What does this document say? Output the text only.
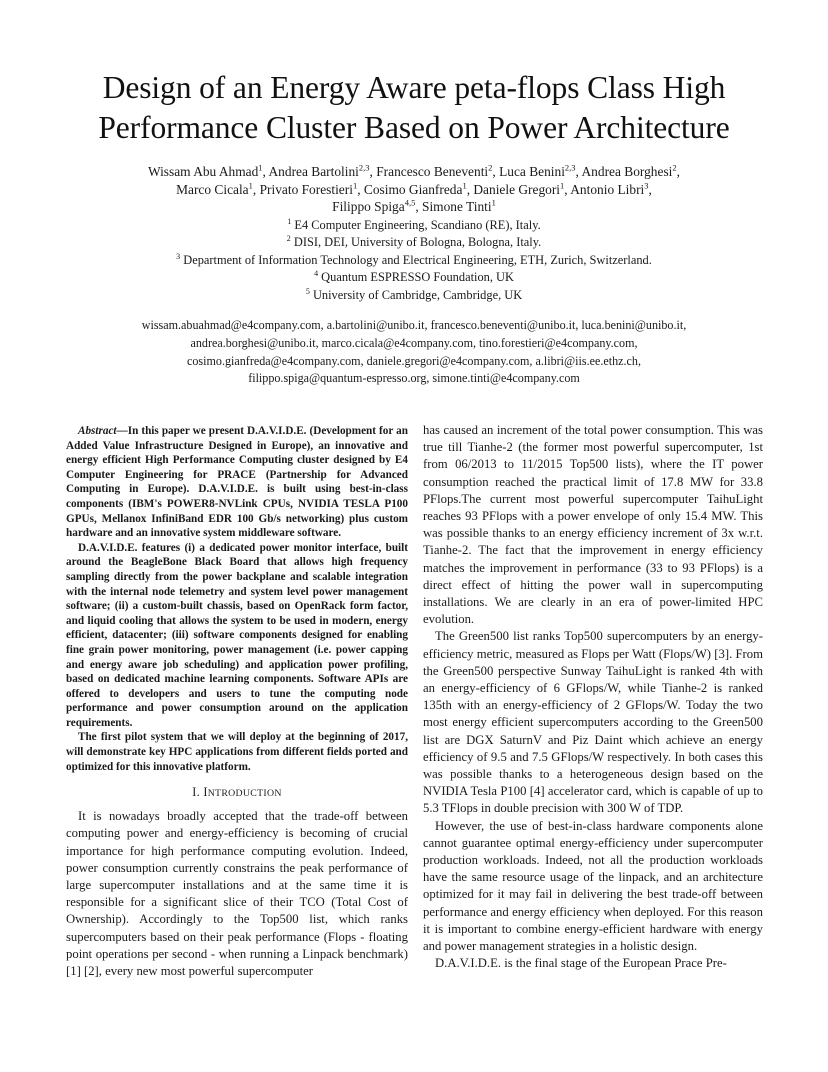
Design of an Energy Aware peta-flops Class High
Performance Cluster Based on Power Architecture
Wissam Abu Ahmad$^1$, Andrea Bartolini$^{2,3}$, Francesco Beneventi$^2$, Luca Benini$^{2,3}$, Andrea Borghesi$^2$,
Marco Cicala$^1$, Privato Forestieri$^1$, Cosimo Gianfreda$^1$, Daniele Gregori$^1$, Antonio Libri$^3$,
Filippo Spiga$^{4,5}$, Simone Tinti$^1$
$^1$ E4 Computer Engineering, Scandiano (RE), Italy.
$^2$ DISI, DEI, University of Bologna, Bologna, Italy.
$^3$ Department of Information Technology and Electrical Engineering, ETH, Zurich, Switzerland.
$^4$ Quantum ESPRESSO Foundation, UK
$^5$ University of Cambridge, Cambridge, UK
wissam.abuahmad@e4company.com, a.bartolini@unibo.it, francesco.beneventi@unibo.it, luca.benini@unibo.it,
andrea.borghesi@unibo.it, marco.cicala@e4company.com, tino.forestieri@e4company.com,
cosimo.gianfreda@e4company.com, daniele.gregori@e4company.com, a.libri@iis.ee.ethz.ch,
filippo.spiga@quantum-espresso.org, simone.tinti@e4company.com

Abstract—In this paper we present D.A.V.I.D.E. (Development for an Added Value Infrastructure Designed in Europe), an innovative and energy efficient High Performance Computing cluster designed by E4 Computer Engineering for PRACE (Partnership for Advanced Computing in Europe). D.A.V.I.D.E. is built using best-in-class components (IBM's POWER8-NVLink CPUs, NVIDIA TESLA P100 GPUs, Mellanox InfiniBand EDR 100 Gb/s networking) plus custom hardware and an innovative system middleware software.

D.A.V.I.D.E. features (i) a dedicated power monitor interface, built around the BeagleBone Black Board that allows high frequency sampling directly from the power backplane and scalable integration with the internal node telemetry and system level power management software; (ii) a custom-built chassis, based on OpenRack form factor, and liquid cooling that allows the system to be used in modern, energy efficient, datacenter; (iii) software components designed for enabling fine grain power monitoring, power management (i.e. power capping and energy aware job scheduling) and application power profiling, based on dedicated machine learning components. Software APIs are offered to developers and users to tune the computing node performance and power consumption around on the application requirements.

The first pilot system that we will deploy at the beginning of 2017, will demonstrate key HPC applications from different fields ported and optimized for this innovative platform.

I. INTRODUCTION

It is nowadays broadly accepted that the trade-off between computing power and energy-efficiency is becoming of crucial importance for high performance computing evolution. Indeed, power consumption currently constrains the peak performance of large supercomputer installations and at the same time it is responsible for a significant slice of their TCO (Total Cost of Ownership). Accordingly to the Top500 list, which ranks supercomputers based on their peak performance (Flops - floating point operations per second - when running a Linpack benchmark) [1] [2], every new most powerful supercomputer

has caused an increment of the total power consumption. This was true till Tianhe-2 (the former most powerful supercomputer, 1st from 06/2013 to 11/2015 Top500 lists), where the IT power consumption reached the practical limit of 17.8 MW for 33.8 PFlops.The current most powerful supercomputer TaihuLight reaches 93 PFlops with a power envelope of only 15.4 MW. This was possible thanks to an energy efficiency increment of 3x w.r.t. Tianhe-2. The fact that the improvement in energy efficiency matches the improvement in performance (33 to 93 PFlops) is a direct effect of hitting the power wall in supercomputing installations. We are clearly in an era of power-limited HPC evolution.

The Green500 list ranks Top500 supercomputers by an energy-efficiency metric, measured as Flops per Watt (Flops/W) [3]. From the Green500 perspective Sunway TaihuLight is ranked 4th with an energy-efficiency of 6 GFlops/W, while Tianhe-2 is ranked 135th with an energy-efficiency of 2 GFlops/W. Today the two most energy efficient supercomputers according to the Green500 list are DGX SaturnV and Piz Daint which achieve an energy efficiency of 9.5 and 7.5 GFlops/W respectively. In both cases this was possible thanks to a heterogeneous design based on the NVIDIA Tesla P100 [4] accelerator card, which is capable of up to 5.3 TFlops in double precision with 300 W of TDP.

However, the use of best-in-class hardware components alone cannot guarantee optimal energy-efficiency under supercomputer production workloads. Indeed, not all the production workloads have the same resource usage of the linpack, and an architecture optimized for it may fail in delivering the best trade-off between performance and energy efficiency when deployed. For this reason it is important to combine energy-efficient hardware with energy and power management strategies in a holistic design.

D.A.V.I.D.E. is the final stage of the European Prace Pre-
